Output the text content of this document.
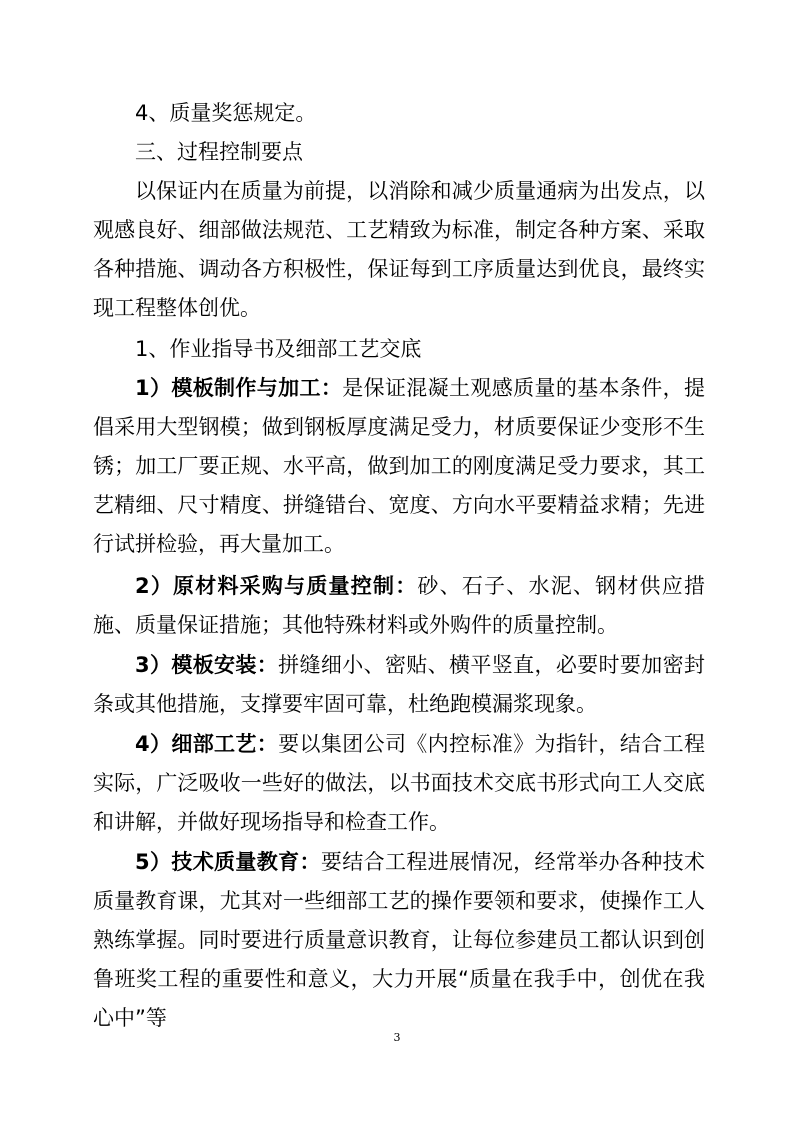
4、质量奖惩规定。

三、过程控制要点

以保证内在质量为前提，以消除和减少质量通病为出发点，以观感良好、细部做法规范、工艺精致为标准，制定各种方案、采取各种措施、调动各方积极性，保证每到工序质量达到优良，最终实现工程整体创优。

1、作业指导书及细部工艺交底

1）模板制作与加工：是保证混凝土观感质量的基本条件，提倡采用大型钢模；做到钢板厚度满足受力，材质要保证少变形不生锈；加工厂要正规、水平高，做到加工的刚度满足受力要求，其工艺精细、尺寸精度、拼缝错台、宽度、方向水平要精益求精；先进行试拼检验，再大量加工。

2）原材料采购与质量控制：砂、石子、水泥、钢材供应措施、质量保证措施；其他特殊材料或外购件的质量控制。

3）模板安装：拼缝细小、密贴、横平竖直，必要时要加密封条或其他措施，支撑要牢固可靠，杜绝跑模漏浆现象。

4）细部工艺：要以集团公司《内控标准》为指针，结合工程实际，广泛吸收一些好的做法，以书面技术交底书形式向工人交底和讲解，并做好现场指导和检查工作。

5）技术质量教育：要结合工程进展情况，经常举办各种技术质量教育课，尤其对一些细部工艺的操作要领和要求，使操作工人熟练掌握。同时要进行质量意识教育，让每位参建员工都认识到创鲁班奖工程的重要性和意义，大力开展“质量在我手中，创优在我心中”等

3
